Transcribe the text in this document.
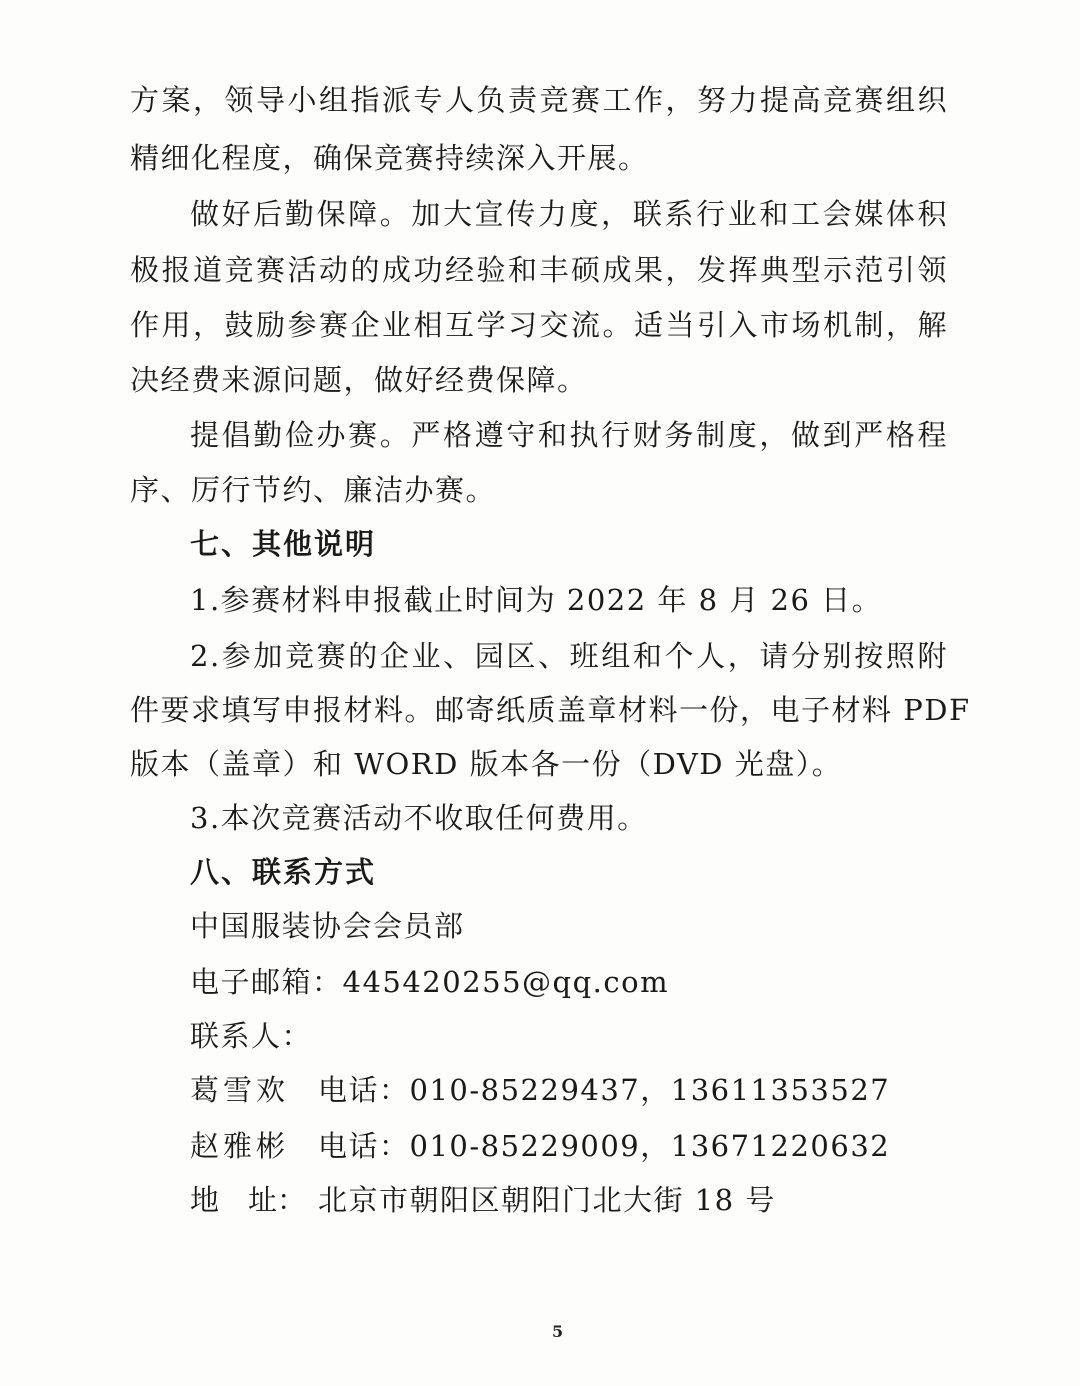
方案，领导小组指派专人负责竞赛工作，努力提高竞赛组织
精细化程度，确保竞赛持续深入开展。
做好后勤保障。加大宣传力度，联系行业和工会媒体积
极报道竞赛活动的成功经验和丰硕成果，发挥典型示范引领
作用，鼓励参赛企业相互学习交流。适当引入市场机制，解
决经费来源问题，做好经费保障。
提倡勤俭办赛。严格遵守和执行财务制度，做到严格程
序、厉行节约、廉洁办赛。
七、其他说明
1.参赛材料申报截止时间为 2022 年 8 月 26 日。
2.参加竞赛的企业、园区、班组和个人，请分别按照附
件要求填写申报材料。邮寄纸质盖章材料一份，电子材料 PDF
版本（盖章）和 WORD 版本各一份（DVD 光盘）。
3.本次竞赛活动不收取任何费用。
八、联系方式
中国服装协会会员部
电子邮箱：445420255@qq.com
联系人：
葛雪欢 电话：010-85229437，13611353527
赵雅彬 电话：010-85229009，13671220632
地　址： 北京市朝阳区朝阳门北大街 18 号
5
